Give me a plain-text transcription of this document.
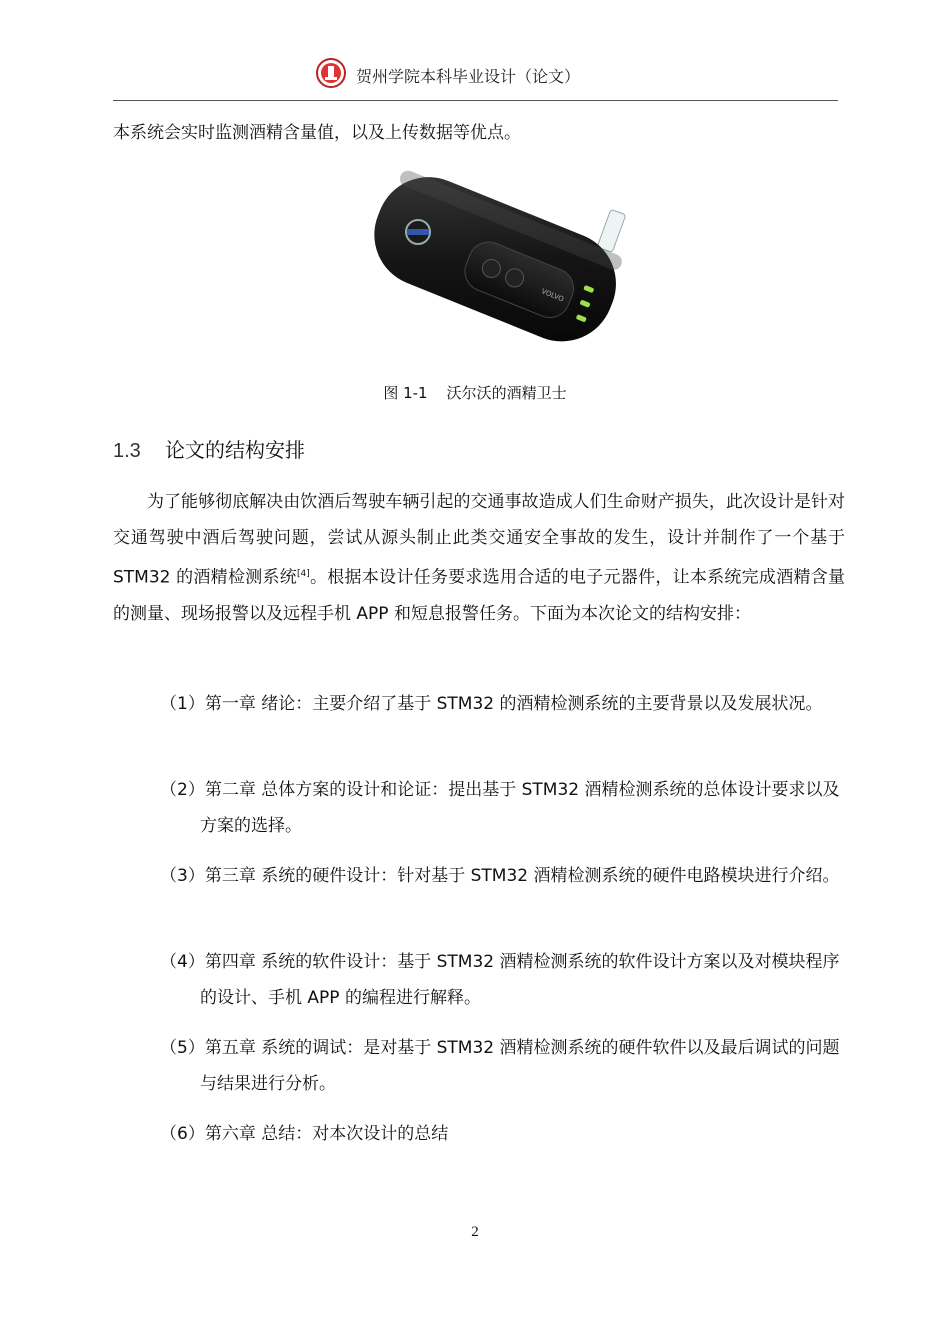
贺州学院本科毕业设计（论文）
本系统会实时监测酒精含量值，以及上传数据等优点。
VOLVO
图 1-1    沃尔沃的酒精卫士
1.3 论文的结构安排
为了能够彻底解决由饮酒后驾驶车辆引起的交通事故造成人们生命财产损失，此次设计是针对交通驾驶中酒后驾驶问题，尝试从源头制止此类交通安全事故的发生，设计并制作了一个基于 STM32 的酒精检测系统[4]。根据本设计任务要求选用合适的电子元器件，让本系统完成酒精含量的测量、现场报警以及远程手机 APP 和短息报警任务。下面为本次论文的结构安排：
（1）第一章 绪论：主要介绍了基于 STM32 的酒精检测系统的主要背景以及发展状况。
（2）第二章 总体方案的设计和论证：提出基于 STM32 酒精检测系统的总体设计要求以及方案的选择。
（3）第三章 系统的硬件设计：针对基于 STM32 酒精检测系统的硬件电路模块进行介绍。
（4）第四章 系统的软件设计：基于 STM32 酒精检测系统的软件设计方案以及对模块程序的设计、手机 APP 的编程进行解释。
（5）第五章 系统的调试：是对基于 STM32 酒精检测系统的硬件软件以及最后调试的问题与结果进行分析。
（6）第六章 总结：对本次设计的总结
2
